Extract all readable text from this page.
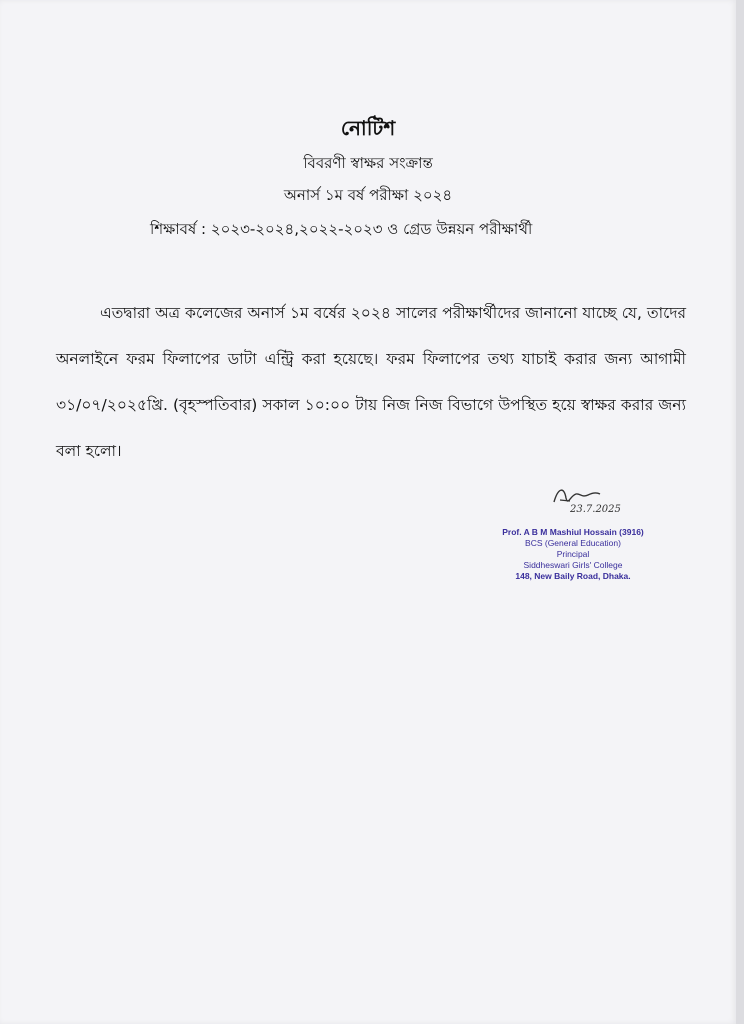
নোটিশ
বিবরণী স্বাক্ষর সংক্রান্ত
অনার্স ১ম বর্ষ পরীক্ষা ২০২৪
শিক্ষাবর্ষ : ২০২৩-২০২৪,২০২২-২০২৩ ও গ্রেড উন্নয়ন পরীক্ষার্থী
এতদ্বারা অত্র কলেজের অনার্স ১ম বর্ষের ২০২৪ সালের পরীক্ষার্থীদের জানানো যাচ্ছে যে, তাদের অনলাইনে ফরম ফিলাপের ডাটা এন্ট্রি করা হয়েছে। ফরম ফিলাপের তথ্য যাচাই করার জন্য আগামী ৩১/০৭/২০২৫খ্রি. (বৃহস্পতিবার) সকাল ১০:০০ টায় নিজ নিজ বিভাগে উপস্থিত হয়ে স্বাক্ষর করার জন্য বলা হলো।
23.7.2025
Prof. A B M Mashiul Hossain (3916)
BCS (General Education)
Principal
Siddheswari Girls' College
148, New Baily Road, Dhaka.
